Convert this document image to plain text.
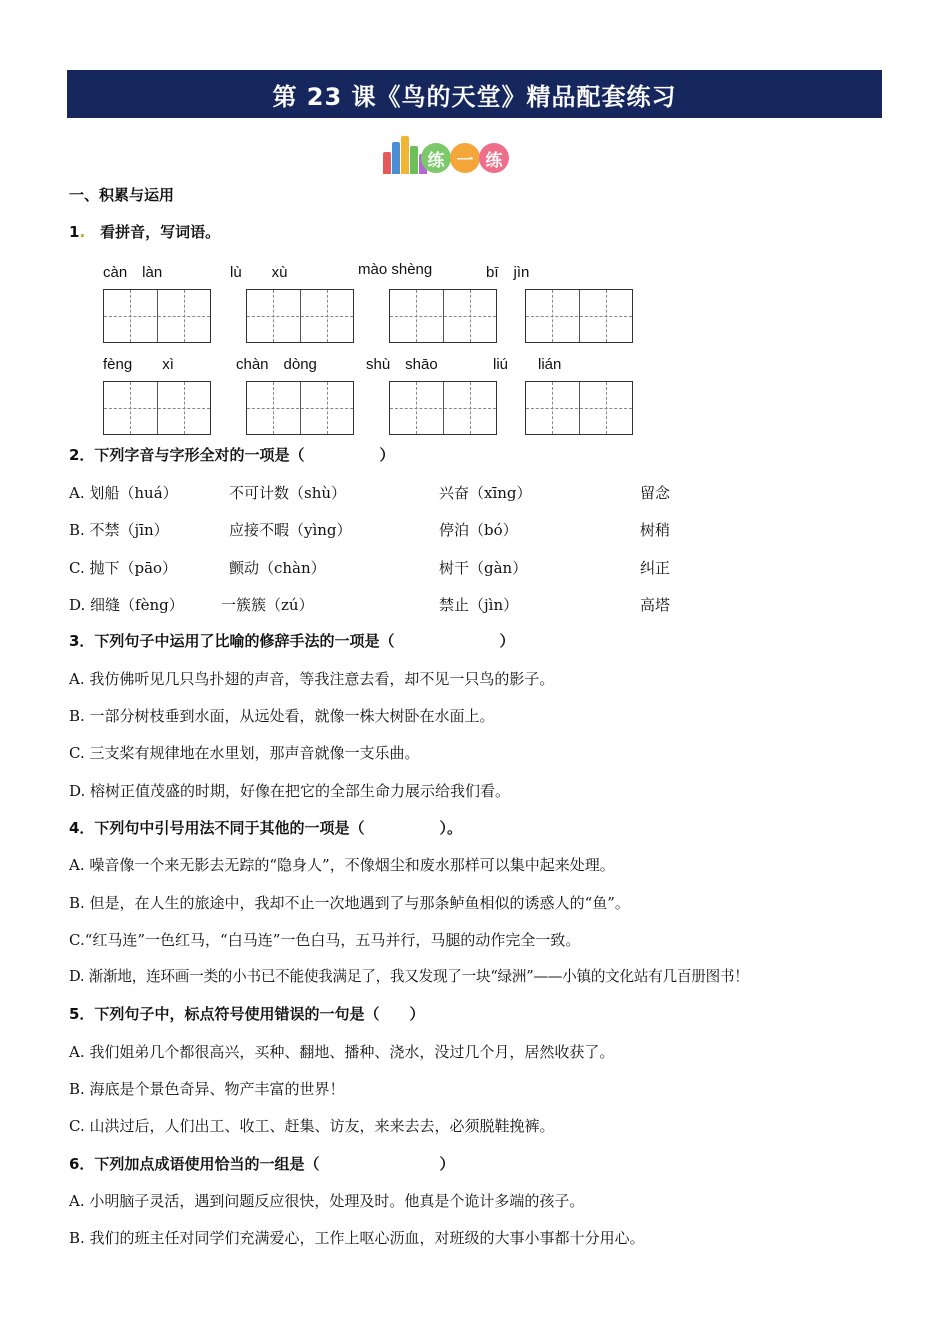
第 23 课《鸟的天堂》精品配套练习
练 一 练
一、积累与运用
1.　 看拼音，写词语。
càn　làn	lù　　xù	mào shèng	bī　jìn
fèng　　xì	chàn　dòng	shù　shāo	liú　　lián
2．下列字音与字形全对的一项是（　　　　　）
A. 划船（huá）	不可计数（shù）	兴奋（xīng）	留念
B. 不禁（jīn）	应接不暇（yìng）	停泊（bó）	树稍
C. 抛下（pāo）	颤动（chàn）	树干（gàn）	纠正
D. 细缝（fèng） 一簇簇（zú）	禁止（jìn）	高塔
3．下列句子中运用了比喻的修辞手法的一项是（　　　　　　　）
A. 我仿佛听见几只鸟扑翅的声音，等我注意去看，却不见一只鸟的影子。
B. 一部分树枝垂到水面，从远处看，就像一株大树卧在水面上。
C. 三支桨有规律地在水里划，那声音就像一支乐曲。
D. 榕树正值茂盛的时期，好像在把它的全部生命力展示给我们看。
4．下列句中引号用法不同于其他的一项是（　　　　　）。
A. 噪音像一个来无影去无踪的“隐身人”，不像烟尘和废水那样可以集中起来处理。
B. 但是，在人生的旅途中，我却不止一次地遇到了与那条鲈鱼相似的诱惑人的“鱼”。
C.“红马连”一色红马，“白马连”一色白马，五马并行，马腿的动作完全一致。
D. 渐渐地，连环画一类的小书已不能使我满足了，我又发现了一块“绿洲”——小镇的文化站有几百册图书！
5．下列句子中，标点符号使用错误的一句是（　　）
A. 我们姐弟几个都很高兴，买种、翻地、播种、浇水，没过几个月，居然收获了。
B. 海底是个景色奇异、物产丰富的世界！
C. 山洪过后，人们出工、收工、赶集、访友，来来去去，必须脱鞋挽裤。
6．下列加点成语使用恰当的一组是（　　　　　　　　）
A. 小明脑子灵活，遇到问题反应很快，处理及时。他真是个诡计多端的孩子。
B. 我们的班主任对同学们充满爱心，工作上呕心沥血，对班级的大事小事都十分用心。
